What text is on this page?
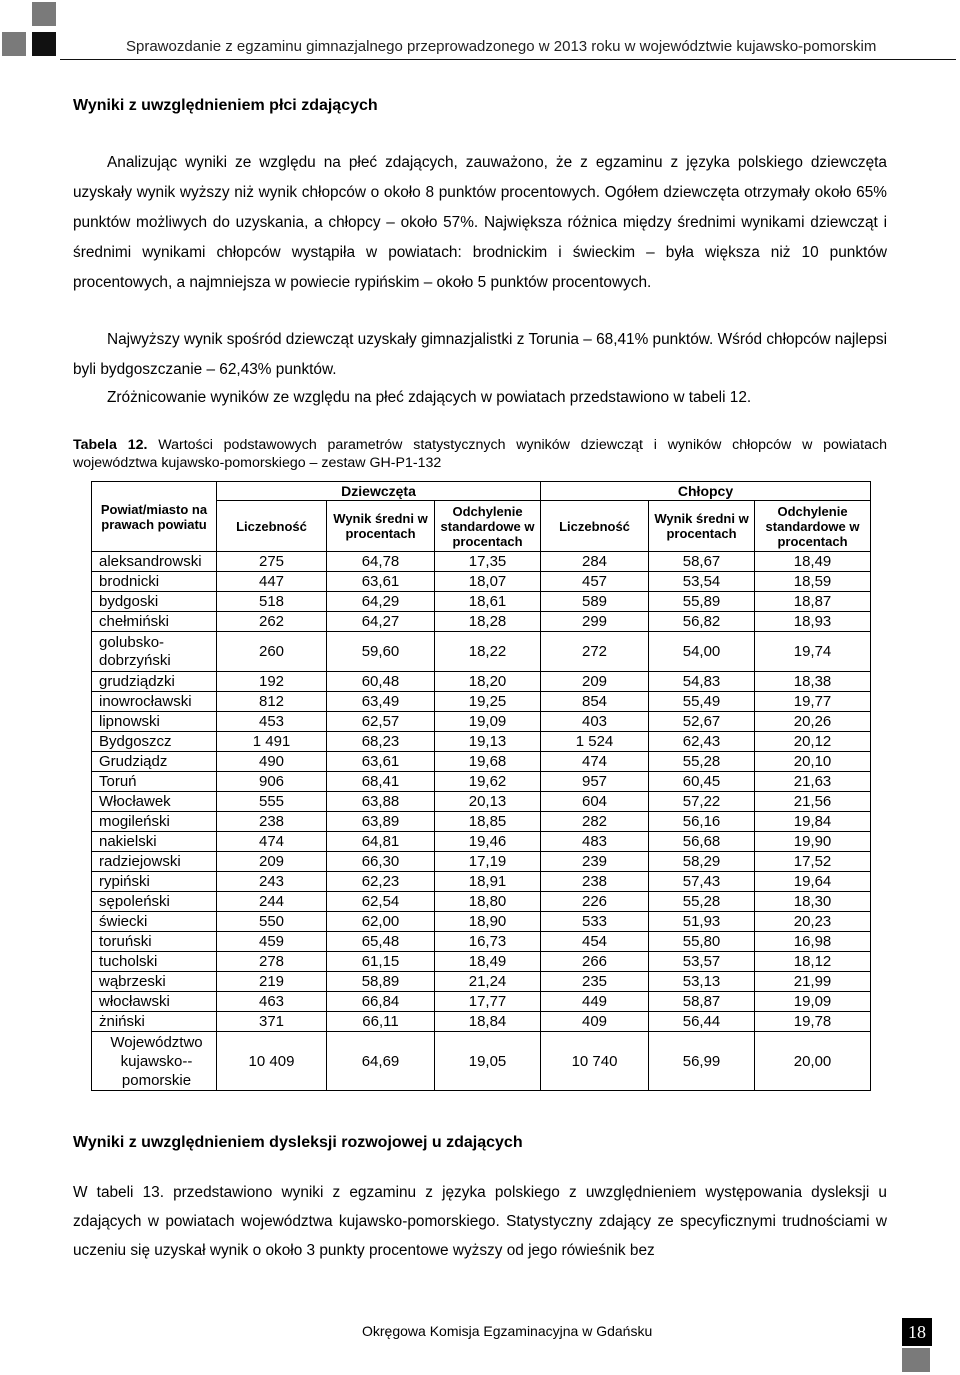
Sprawozdanie z egzaminu gimnazjalnego przeprowadzonego w 2013 roku w województwie kujawsko-pomorskim
Wyniki z uwzględnieniem płci zdających
Analizując wyniki ze względu na płeć zdających, zauważono, że z egzaminu z języka polskiego dziewczęta uzyskały wynik wyższy niż wynik chłopców o około 8 punktów procentowych. Ogółem dziewczęta otrzymały około 65% punktów możliwych do uzyskania, a chłopcy – około 57%. Największa różnica między średnimi wynikami dziewcząt i średnimi wynikami chłopców wystąpiła w powiatach: brodnickim i świeckim – była większa niż 10 punktów procentowych, a najmniejsza w powiecie rypińskim – około 5 punktów procentowych.
Najwyższy wynik spośród dziewcząt uzyskały gimnazjalistki z Torunia – 68,41% punktów. Wśród chłopców najlepsi byli bydgoszczanie – 62,43% punktów.
Zróżnicowanie wyników ze względu na płeć zdających w powiatach przedstawiono w tabeli 12.
Tabela 12. Wartości podstawowych parametrów statystycznych wyników dziewcząt i wyników chłopców w powiatach województwa kujawsko-pomorskiego – zestaw GH-P1-132
Powiat/miasto na prawach powiatu	Dziewczęta			Chłopcy		
	Liczebność	Wynik średni w procentach	Odchylenie standardowe w procentach	Liczebność	Wynik średni w procentach	Odchylenie standardowe w procentach
aleksandrowski	275	64,78	17,35	284	58,67	18,49
brodnicki	447	63,61	18,07	457	53,54	18,59
bydgoski	518	64,29	18,61	589	55,89	18,87
chełmiński	262	64,27	18,28	299	56,82	18,93
golubsko-dobrzyński	260	59,60	18,22	272	54,00	19,74
grudziądzki	192	60,48	18,20	209	54,83	18,38
inowrocławski	812	63,49	19,25	854	55,49	19,77
lipnowski	453	62,57	19,09	403	52,67	20,26
Bydgoszcz	1 491	68,23	19,13	1 524	62,43	20,12
Grudziądz	490	63,61	19,68	474	55,28	20,10
Toruń	906	68,41	19,62	957	60,45	21,63
Włocławek	555	63,88	20,13	604	57,22	21,56
mogileński	238	63,89	18,85	282	56,16	19,84
nakielski	474	64,81	19,46	483	56,68	19,90
radziejowski	209	66,30	17,19	239	58,29	17,52
rypiński	243	62,23	18,91	238	57,43	19,64
sępoleński	244	62,54	18,80	226	55,28	18,30
świecki	550	62,00	18,90	533	51,93	20,23
toruński	459	65,48	16,73	454	55,80	16,98
tucholski	278	61,15	18,49	266	53,57	18,12
wąbrzeski	219	58,89	21,24	235	53,13	21,99
włocławski	463	66,84	17,77	449	58,87	19,09
żniński	371	66,11	18,84	409	56,44	19,78
Województwo kujawsko--pomorskie	10 409	64,69	19,05	10 740	56,99	20,00
Wyniki z uwzględnieniem dysleksji rozwojowej u zdających
W tabeli 13. przedstawiono wyniki z egzaminu z języka polskiego z uwzględnieniem występowania dysleksji u zdających w powiatach województwa kujawsko-pomorskiego. Statystyczny zdający ze specyficznymi trudnościami w uczeniu się uzyskał wynik o około 3 punkty procentowe wyższy od jego rówieśnik bez
Okręgowa Komisja Egzaminacyjna w Gdańsku	18
